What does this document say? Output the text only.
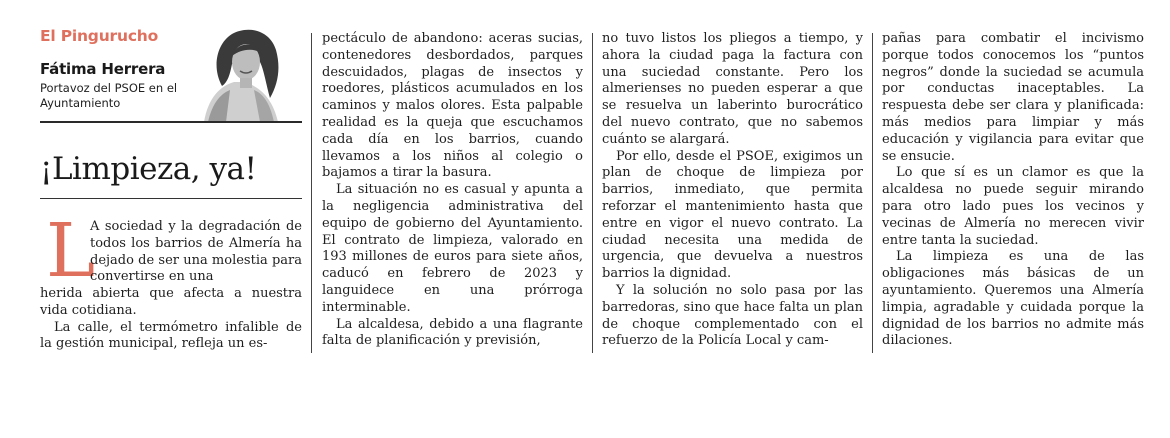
El Pingurucho
Fátima Herrera
Portavoz del PSOE en el Ayuntamiento
¡Limpieza, ya!
L

A sociedad y la degradación de todos los barrios de Almería ha dejado de ser una molestia para convertirse en una

herida abierta que afecta a nuestra vida cotidiana.

La calle, el termómetro infalible de la gestión municipal, refleja un es-

pectáculo de abandono: aceras sucias, contenedores desbordados, parques descuidados, plagas de insectos y roedores, plásticos acumulados en los caminos y malos olores. Esta palpable realidad es la queja que escuchamos cada día en los barrios, cuando llevamos a los niños al colegio o bajamos a tirar la basura.

La situación no es casual y apunta a la negligencia administrativa del equipo de gobierno del Ayuntamiento. El contrato de limpieza, valorado en 193 millones de euros para siete años, caducó en febrero de 2023 y languidece en una prórroga interminable.

La alcaldesa, debido a una flagrante falta de planificación y previsión,

no tuvo listos los pliegos a tiempo, y ahora la ciudad paga la factura con una suciedad constante. Pero los almerienses no pueden esperar a que se resuelva un laberinto burocrático del nuevo contrato, que no sabemos cuánto se alargará.

Por ello, desde el PSOE, exigimos un plan de choque de limpieza por barrios, inmediato, que permita reforzar el mantenimiento hasta que entre en vigor el nuevo contrato. La ciudad necesita una medida de urgencia, que devuelva a nuestros barrios la dignidad.

Y la solución no solo pasa por las barredoras, sino que hace falta un plan de choque complementado con el refuerzo de la Policía Local y cam-

pañas para combatir el incivismo porque todos conocemos los “puntos negros” donde la suciedad se acumula por conductas inaceptables. La respuesta debe ser clara y planificada: más medios para limpiar y más educación y vigilancia para evitar que se ensucie.

Lo que sí es un clamor es que la alcaldesa no puede seguir mirando para otro lado pues los vecinos y vecinas de Almería no merecen vivir entre tanta la suciedad.

La limpieza es una de las obligaciones más básicas de un ayuntamiento. Queremos una Almería limpia, agradable y cuidada porque la dignidad de los barrios no admite más dilaciones.
